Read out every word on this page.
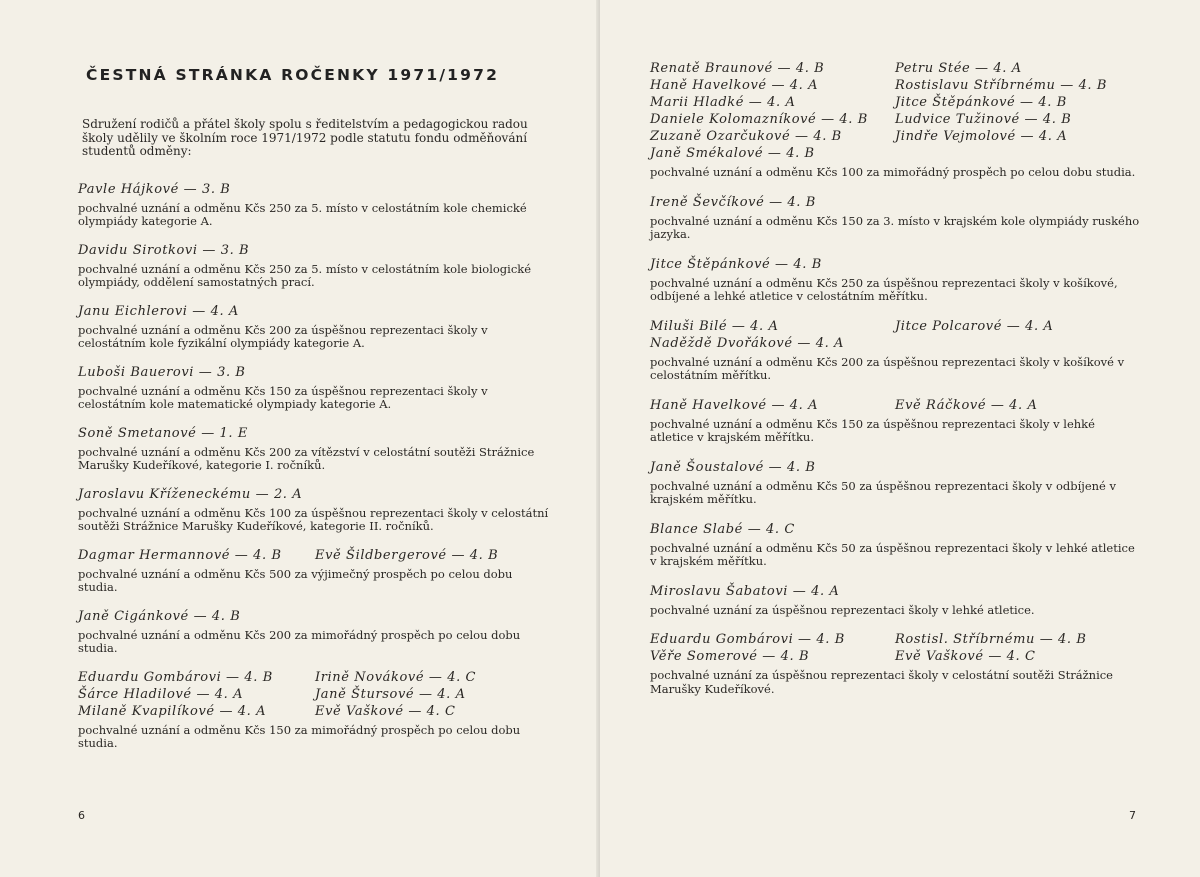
ČESTNÁ STRÁNKA ROČENKY 1971/1972

Sdružení rodičů a přátel školy spolu s ředitelstvím a pedagogickou radou školy udělily ve školním roce 1971/1972 podle statutu fondu odměňování studentů odměny:

Pavle Hájkové — 3. B

pochvalné uznání a odměnu Kčs 250 za 5. místo v celostátním kole chemické olympiády kategorie A.

Davidu Sirotkovi — 3. B

pochvalné uznání a odměnu Kčs 250 za 5. místo v celostátním kole biologické olympiády, oddělení samostatných prací.

Janu Eichlerovi — 4. A

pochvalné uznání a odměnu Kčs 200 za úspěšnou reprezentaci školy v celostátním kole fyzikální olympiády kategorie A.

Luboši Bauerovi — 3. B

pochvalné uznání a odměnu Kčs 150 za úspěšnou reprezentaci školy v celostátním kole matematické olympiady kategorie A.

Soně Smetanové — 1. E

pochvalné uznání a odměnu Kčs 200 za vítězství v celostátní soutěži Strážnice Marušky Kudeříkové, kategorie I. ročníků.

Jaroslavu Kříženeckému — 2. A

pochvalné uznání a odměnu Kčs 100 za úspěšnou reprezentaci školy v celostátní soutěži Strážnice Marušky Kudeříkové, kategorie II. ročníků.

Dagmar Hermannové — 4. B	Evě Šildbergerové — 4. B

pochvalné uznání a odměnu Kčs 500 za výjimečný prospěch po celou dobu studia.

Janě Cigánkové — 4. B

pochvalné uznání a odměnu Kčs 200 za mimořádný prospěch po celou dobu studia.

Eduardu Gombárovi — 4. B

Šárce Hladilové — 4. A

Milaně Kvapilíkové — 4. A

Irině Novákové — 4. C

Janě Štursové — 4. A

Evě Vaškové — 4. C

pochvalné uznání a odměnu Kčs 150 za mimořádný prospěch po celou dobu studia.

6

Renatě Braunové — 4. B

Haně Havelkové — 4. A

Marii Hladké — 4. A

Daniele Kolomazníkové — 4. B

Zuzaně Ozarčukové — 4. B

Janě Smékalové — 4. B

Petru Stée — 4. A

Rostislavu Stříbrnému — 4. B

Jitce Štěpánkové — 4. B

Ludvice Tužinové — 4. B

Jindře Vejmolové — 4. A

pochvalné uznání a odměnu Kčs 100 za mimořádný prospěch po celou dobu studia.

Ireně Ševčíkové — 4. B

pochvalné uznání a odměnu Kčs 150 za 3. místo v krajském kole olympiády ruského jazyka.

Jitce Štěpánkové — 4. B

pochvalné uznání a odměnu Kčs 250 za úspěšnou reprezentaci školy v košíkové, odbíjené a lehké atletice v celostátním měřítku.

Miluši Bilé — 4. A

Naděždě Dvořákové — 4. A

Jitce Polcarové — 4. A

pochvalné uznání a odměnu Kčs 200 za úspěšnou reprezentaci školy v košíkové v celostátním měřítku.

Haně Havelkové — 4. A	Evě Ráčkové — 4. A

pochvalné uznání a odměnu Kčs 150 za úspěšnou reprezentaci školy v lehké atletice v krajském měřítku.

Janě Šoustalové — 4. B

pochvalné uznání a odměnu Kčs 50 za úspěšnou reprezentaci školy v odbíjené v krajském měřítku.

Blance Slabé — 4. C

pochvalné uznání a odměnu Kčs 50 za úspěšnou reprezentaci školy v lehké atletice v krajském měřítku.

Miroslavu Šabatovi — 4. A

pochvalné uznání za úspěšnou reprezentaci školy v lehké atletice.

Eduardu Gombárovi — 4. B

Věře Somerové — 4. B

Rostisl. Stříbrnému — 4. B

Evě Vaškové — 4. C

pochvalné uznání za úspěšnou reprezentaci školy v celostátní soutěži Strážnice Marušky Kudeříkové.

7
